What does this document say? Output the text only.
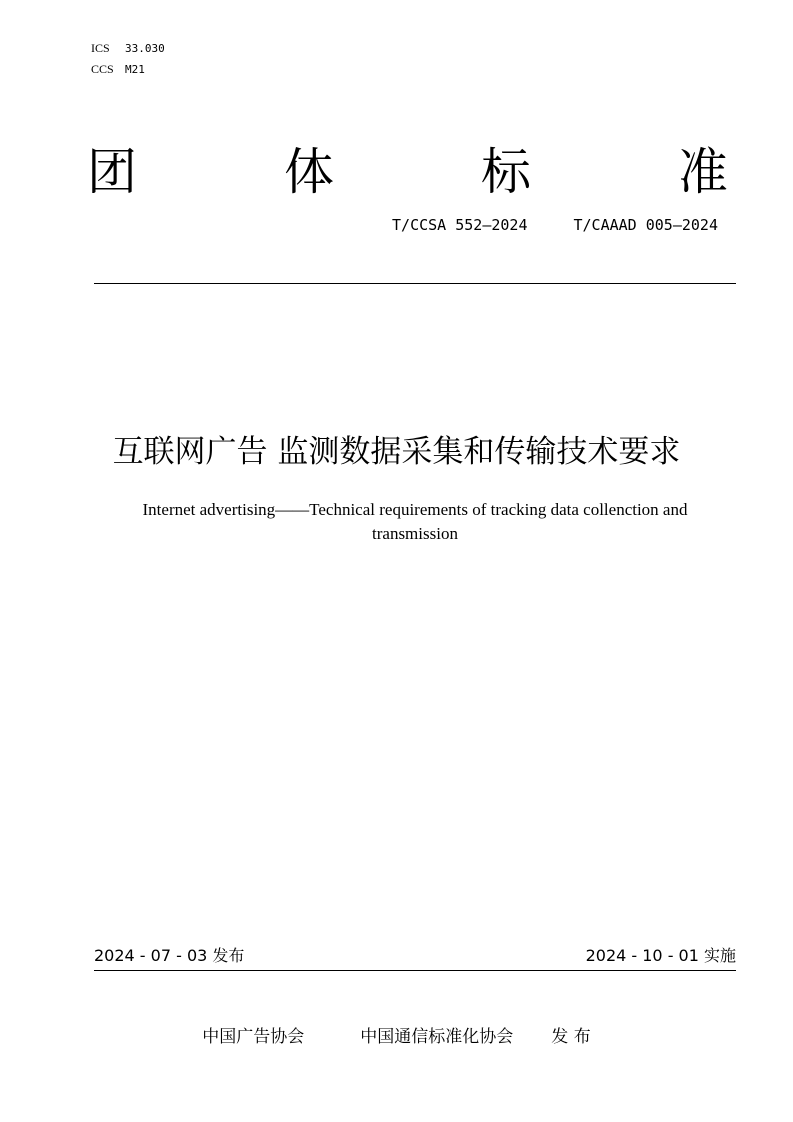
ICS 33.030
CCS M21
团	体	标	准
T/CCSA 552—2024	T/CAAAD 005—2024
互联网广告 监测数据采集和传输技术要求
Internet advertising——Technical requirements of tracking data collenction and transmission
2024 - 07 - 03 发布	2024 - 10 - 01 实施
中国广告协会	中国通信标准化协会 发 布
